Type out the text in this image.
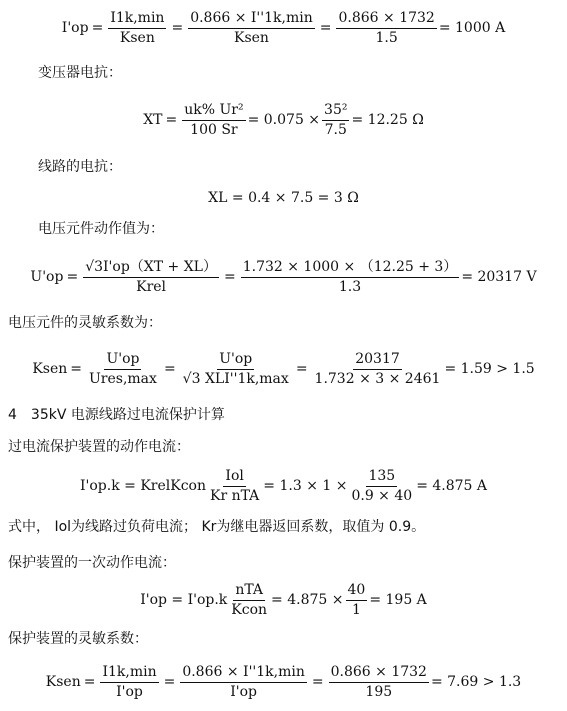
$I'op = \frac{I1k,\min}{\text{Ksen}} = \frac{0.866 \times I''1k,\min}{\text{Ksen}} = \frac{0.866 \times 1732}{1.5} = 1000$ A
变压器电抗：
XT = $\frac{\text{uk\% Ur²}}{100 Sr} = 0.075 \times \frac{\text{35²}}{7.5} = 12.25$ Ω
线路的电抗：
XL = 0.4 × 7.5 = 3 Ω
电压元件动作值为：
$U'op = \frac{√3I'op(XT + XL)}{\text{Krel}} = \frac{1.732 \times 1000 \times (12.25 + 3)}{1.3} = 20317$ V
电压元件的灵敏系数为：
Ksen = $\frac{U'op}{\text{Ures,max}} = \frac{U'op}{\text{√3 XLI''1k,max}} = \frac{20317}{1.732 \times 3 \times 2461} = 1.59 > 1.5$
4　35kV 电源线路过电流保护计算
过电流保护装置的动作电流：
I'op.k = KrelKcon $\frac{\text{Iol}}{\text{Kr nTA}} = 1.3 \times 1 \times \frac{135}{0.9 \times 40} = 4.875$ A
式中， Iol为线路过负荷电流； Kr为继电器返回系数，取值为 0.9。
保护装置的一次动作电流：
$I'op = I'op.k \frac{\text{nTA}}{\text{Kcon}} = 4.875 \times \frac{40}{1} = 195$ A
保护装置的灵敏系数：
Ksen = $\frac{I1k,\min}{I'op} = \frac{0.866 \times I''1k,\min}{I'op} = \frac{0.866 \times 1732}{195} = 7.69 > 1.3$
